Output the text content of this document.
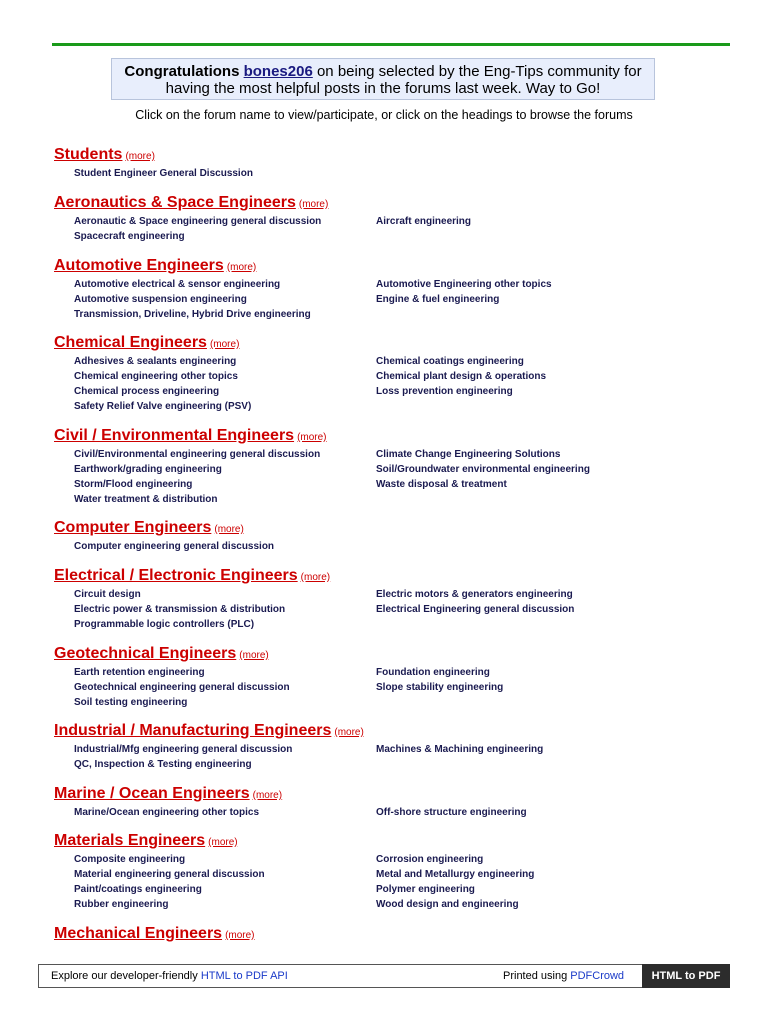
Congratulations bones206 on being selected by the Eng-Tips community for having the most helpful posts in the forums last week. Way to Go!
Click on the forum name to view/participate, or click on the headings to browse the forums
Students (more)
Student Engineer General Discussion
Aeronautics & Space Engineers (more)
Aeronautic & Space engineering general discussion	Aircraft engineering
Spacecraft engineering
Automotive Engineers (more)
Automotive electrical & sensor engineering	Automotive Engineering other topics
Automotive suspension engineering	Engine & fuel engineering
Transmission, Driveline, Hybrid Drive engineering
Chemical Engineers (more)
Adhesives & sealants engineering	Chemical coatings engineering
Chemical engineering other topics	Chemical plant design & operations
Chemical process engineering	Loss prevention engineering
Safety Relief Valve engineering (PSV)
Civil / Environmental Engineers (more)
Civil/Environmental engineering general discussion	Climate Change Engineering Solutions
Earthwork/grading engineering	Soil/Groundwater environmental engineering
Storm/Flood engineering	Waste disposal & treatment
Water treatment & distribution
Computer Engineers (more)
Computer engineering general discussion
Electrical / Electronic Engineers (more)
Circuit design	Electric motors & generators engineering
Electric power & transmission & distribution	Electrical Engineering general discussion
Programmable logic controllers (PLC)
Geotechnical Engineers (more)
Earth retention engineering	Foundation engineering
Geotechnical engineering general discussion	Slope stability engineering
Soil testing engineering
Industrial / Manufacturing Engineers (more)
Industrial/Mfg engineering general discussion	Machines & Machining engineering
QC, Inspection & Testing engineering
Marine / Ocean Engineers (more)
Marine/Ocean engineering other topics	Off-shore structure engineering
Materials Engineers (more)
Composite engineering	Corrosion engineering
Material engineering general discussion	Metal and Metallurgy engineering
Paint/coatings engineering	Polymer engineering
Rubber engineering	Wood design and engineering
Mechanical Engineers (more)
Explore our developer-friendly HTML to PDF API	Printed using PDFCrowd	HTML to PDF
